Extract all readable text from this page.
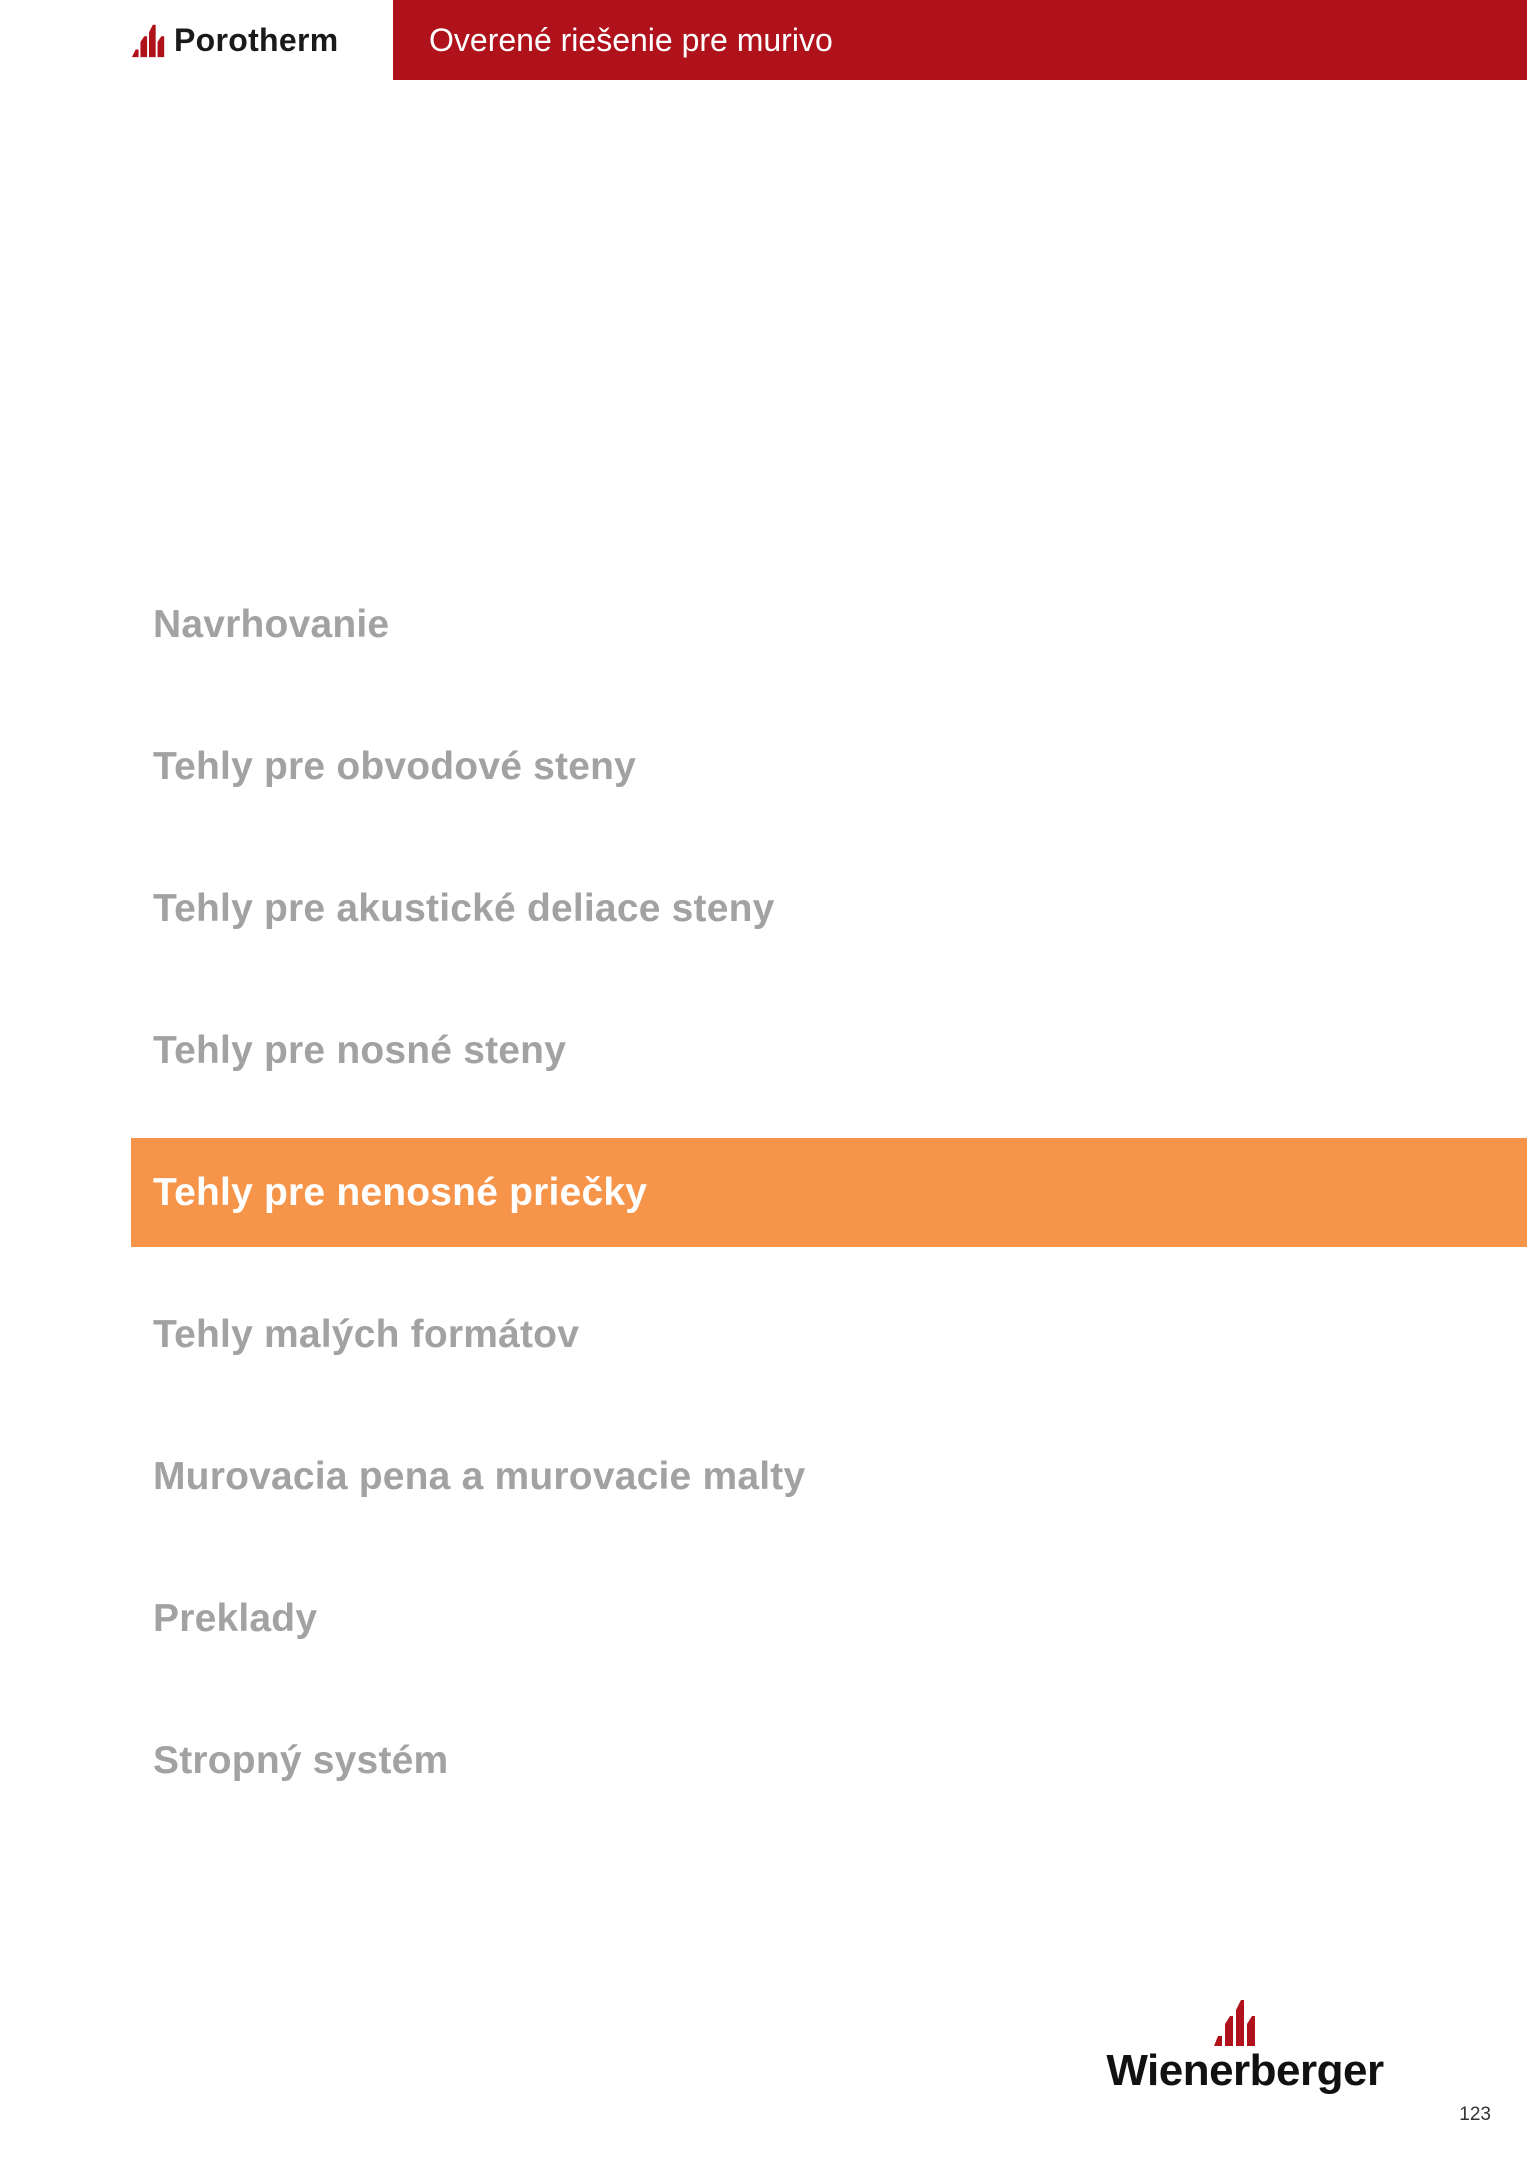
Porotherm	Overené riešenie pre murivo
Navrhovanie
Tehly pre obvodové steny
Tehly pre akustické deliace steny
Tehly pre nosné steny
Tehly pre nenosné priečky
Tehly malých formátov
Murovacia pena a murovacie malty
Preklady
Stropný systém
Wienerberger
123
